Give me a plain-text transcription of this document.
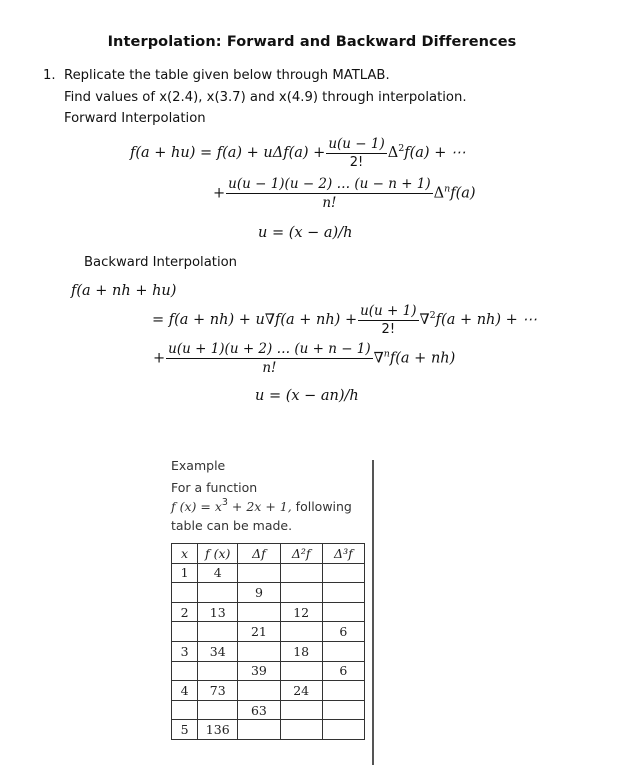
Interpolation: Forward and Backward Differences
1. Replicate the table given below through MATLAB.
Find values of x(2.4), x(3.7) and x(4.9) through interpolation.
Forward Interpolation
$f(a + hu) = f(a) + u\Delta f(a) + \frac{u(u - 1)}{2!} \Delta^2f(a)$ + ⋯
+ $\frac{u(u - 1)(u - 2) \dots (u - n + 1)}{n!} \Delta^nf(a)$
u = (x − a)/h
Backward Interpolation
f(a + nh + hu)
= $f(a + nh) + u\nabla f(a + nh) + \frac{u(u + 1)}{2!} \nabla^2f(a + nh)$ + ⋯
+ $\frac{u(u + 1)(u + 2) \dots (u + n - 1)}{n!} \nabla^nf(a + nh)$
u = (x − an)/h
Example
For a function
f $(x) = x^3 + 2x + 1$, following
table can be made.
x	f (x)	Δf	Δ²f	Δ³f
1	4			
		9		
2	13		12	
		21		6
3	34		18	
		39		6
4	73		24	
		63		
5	136			
